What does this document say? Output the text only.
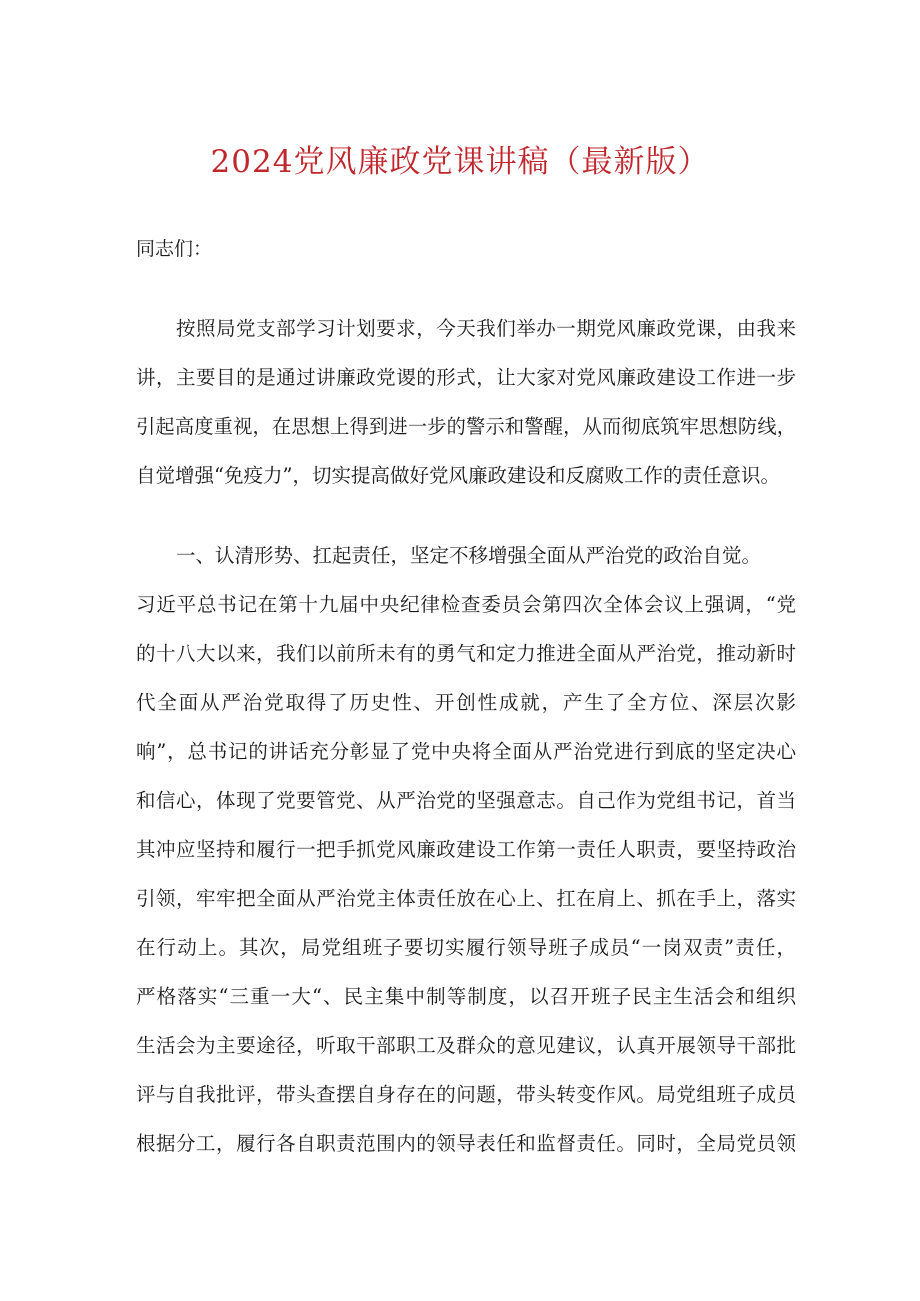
2024党风廉政党课讲稿（最新版）
同志们：
按照局党支部学习计划要求，今天我们举办一期党风廉政党课，由我来
讲，主要目的是通过讲廉政党谡的形式，让大家对党风廉政建设工作进一步
引起高度重视，在思想上得到进一步的警示和警醒，从而彻底筑牢思想防线，
自觉增强“免疫力”，切实提高做好党风廉政建设和反腐败工作的责任意识。
一、认清形势、扛起责任，坚定不移增强全面从严治党的政治自觉。
习近平总书记在第十九届中央纪律检查委员会第四次全体会议上强调，“党
的十八大以来，我们以前所未有的勇气和定力推进全面从严治党，推动新时
代全面从严治党取得了历史性、开创性成就，产生了全方位、深层次影
响”，总书记的讲话充分彰显了党中央将全面从严治党进行到底的坚定决心
和信心，体现了党要管党、从严治党的坚强意志。自己作为党组书记，首当
其冲应坚持和履行一把手抓党风廉政建设工作第一责任人职责，要坚持政治
引领，牢牢把全面从严治党主体责任放在心上、扛在肩上、抓在手上，落实
在行动上。其次，局党组班子要切实履行领导班子成员“一岗双责”责任，
严格落实“三重一大“、民主集中制等制度，以召开班子民主生活会和组织
生活会为主要途径，听取干部职工及群众的意见建议，认真开展领导干部批
评与自我批评，带头查摆自身存在的问题，带头转变作风。局党组班子成员
根据分工，履行各自职责范围内的领导表任和监督责任。同时，全局党员领
